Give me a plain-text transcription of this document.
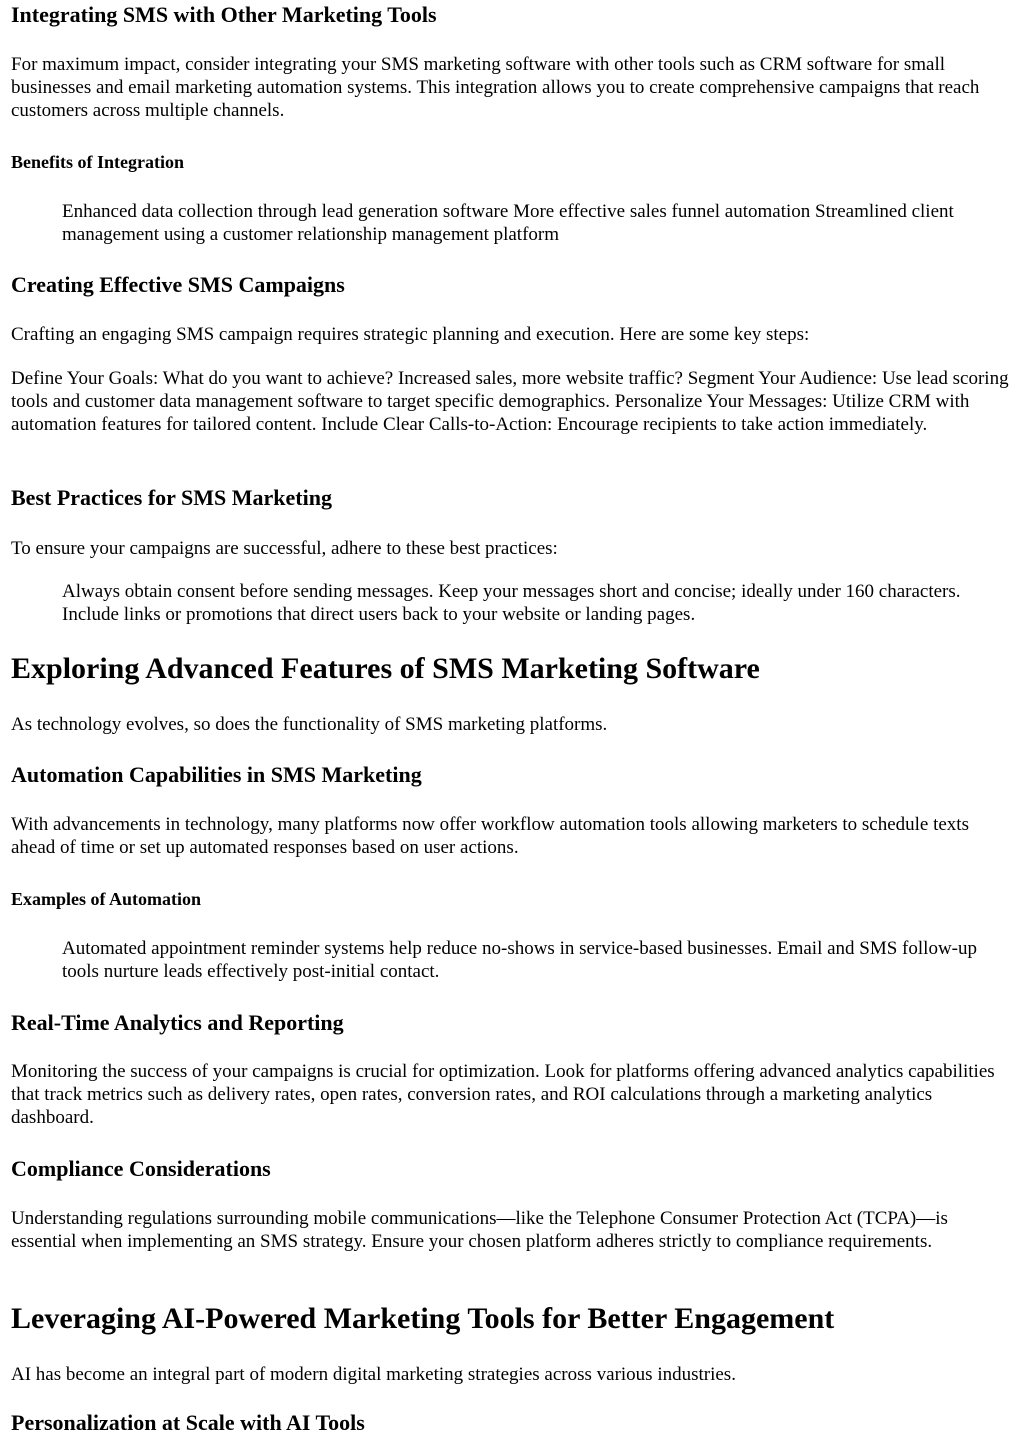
Integrating SMS with Other Marketing Tools

For maximum impact, consider integrating your SMS marketing software with other tools such as CRM software for small businesses and email marketing automation systems. This integration allows you to create comprehensive campaigns that reach customers across multiple channels.

Benefits of Integration

Enhanced data collection through lead generation software More effective sales funnel automation Streamlined client management using a customer relationship management platform

Creating Effective SMS Campaigns

Crafting an engaging SMS campaign requires strategic planning and execution. Here are some key steps:

Define Your Goals: What do you want to achieve? Increased sales, more website traffic? Segment Your Audience: Use lead scoring tools and customer data management software to target specific demographics. Personalize Your Messages: Utilize CRM with automation features for tailored content. Include Clear Calls-to-Action: Encourage recipients to take action immediately.

Best Practices for SMS Marketing

To ensure your campaigns are successful, adhere to these best practices:

Always obtain consent before sending messages. Keep your messages short and concise; ideally under 160 characters. Include links or promotions that direct users back to your website or landing pages.

Exploring Advanced Features of SMS Marketing Software

As technology evolves, so does the functionality of SMS marketing platforms.

Automation Capabilities in SMS Marketing

With advancements in technology, many platforms now offer workflow automation tools allowing marketers to schedule texts ahead of time or set up automated responses based on user actions.

Examples of Automation

Automated appointment reminder systems help reduce no-shows in service-based businesses. Email and SMS follow-up tools nurture leads effectively post-initial contact.

Real-Time Analytics and Reporting

Monitoring the success of your campaigns is crucial for optimization. Look for platforms offering advanced analytics capabilities that track metrics such as delivery rates, open rates, conversion rates, and ROI calculations through a marketing analytics dashboard.

Compliance Considerations

Understanding regulations surrounding mobile communications—like the Telephone Consumer Protection Act (TCPA)—is essential when implementing an SMS strategy. Ensure your chosen platform adheres strictly to compliance requirements.

Leveraging AI-Powered Marketing Tools for Better Engagement

AI has become an integral part of modern digital marketing strategies across various industries.

Personalization at Scale with AI Tools
